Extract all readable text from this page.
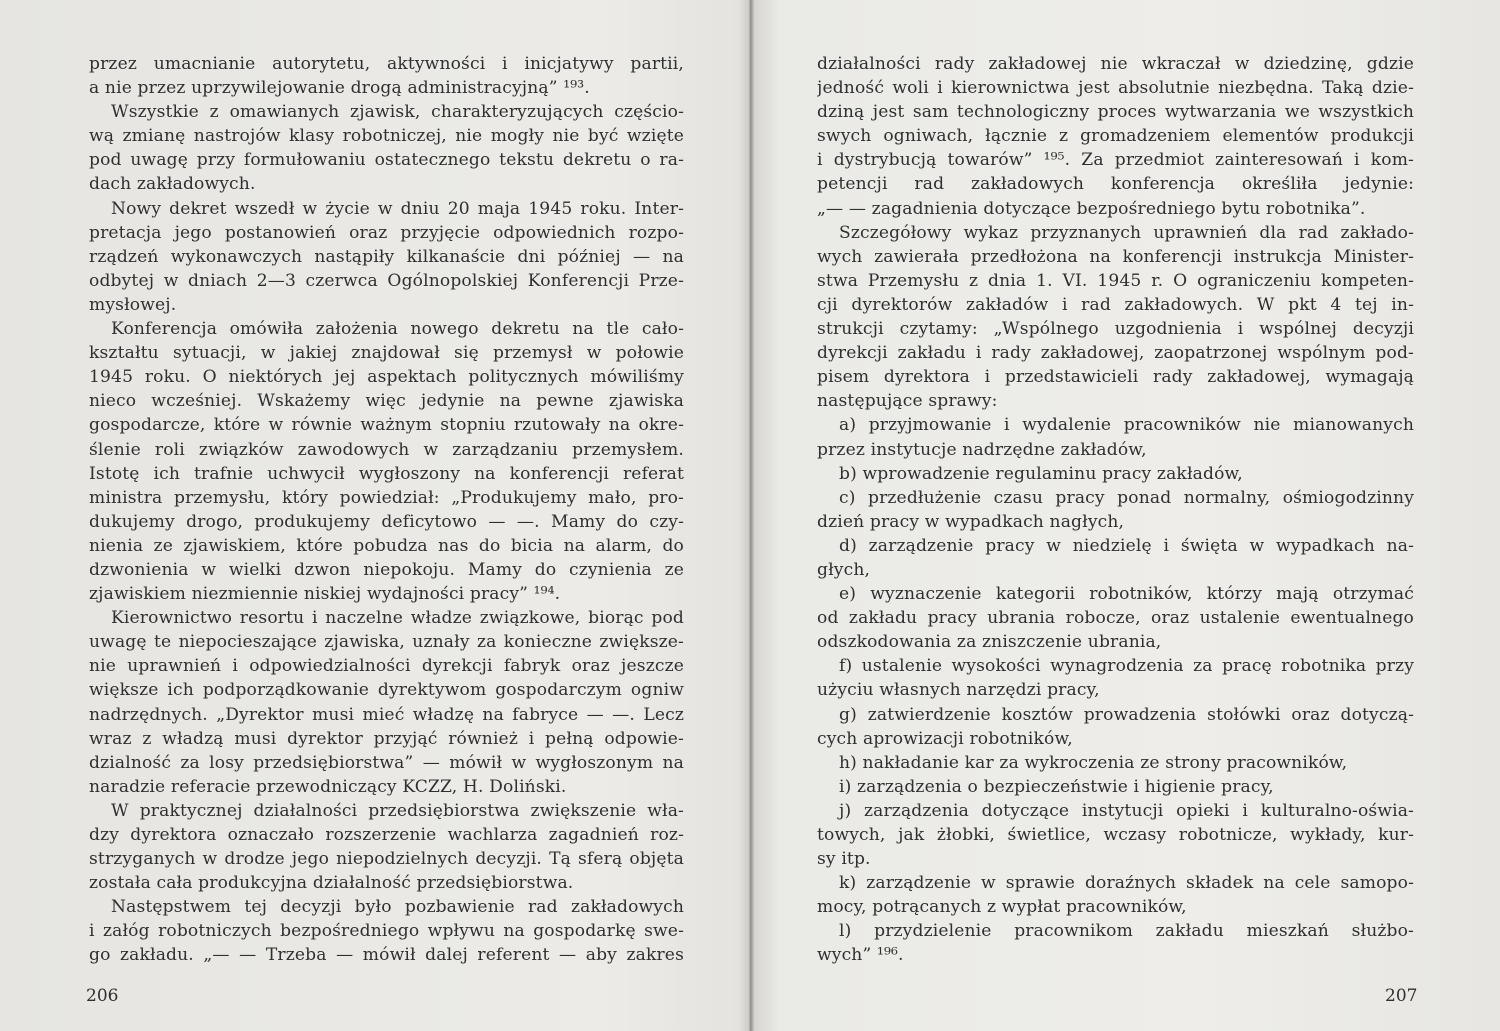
przez umacnianie autorytetu, aktywności i inicjatywy partii,
a nie przez uprzywilejowanie drogą administracyjną” ¹⁹³.
Wszystkie z omawianych zjawisk, charakteryzujących częścio-
wą zmianę nastrojów klasy robotniczej, nie mogły nie być wzięte
pod uwagę przy formułowaniu ostatecznego tekstu dekretu o ra-
dach zakładowych.
Nowy dekret wszedł w życie w dniu 20 maja 1945 roku. Inter-
pretacja jego postanowień oraz przyjęcie odpowiednich rozpo-
rządzeń wykonawczych nastąpiły kilkanaście dni później — na
odbytej w dniach 2—3 czerwca Ogólnopolskiej Konferencji Prze-
mysłowej.
Konferencja omówiła założenia nowego dekretu na tle cało-
kształtu sytuacji, w jakiej znajdował się przemysł w połowie
1945 roku. O niektórych jej aspektach politycznych mówiliśmy
nieco wcześniej. Wskażemy więc jedynie na pewne zjawiska
gospodarcze, które w równie ważnym stopniu rzutowały na okre-
ślenie roli związków zawodowych w zarządzaniu przemysłem.
Istotę ich trafnie uchwycił wygłoszony na konferencji referat
ministra przemysłu, który powiedział: „Produkujemy mało, pro-
dukujemy drogo, produkujemy deficytowo — —. Mamy do czy-
nienia ze zjawiskiem, które pobudza nas do bicia na alarm, do
dzwonienia w wielki dzwon niepokoju. Mamy do czynienia ze
zjawiskiem niezmiennie niskiej wydajności pracy” ¹⁹⁴.
Kierownictwo resortu i naczelne władze związkowe, biorąc pod
uwagę te niepocieszające zjawiska, uznały za konieczne zwiększe-
nie uprawnień i odpowiedzialności dyrekcji fabryk oraz jeszcze
większe ich podporządkowanie dyrektywom gospodarczym ogniw
nadrzędnych. „Dyrektor musi mieć władzę na fabryce — —. Lecz
wraz z władzą musi dyrektor przyjąć również i pełną odpowie-
dzialność za losy przedsiębiorstwa” — mówił w wygłoszonym na
naradzie referacie przewodniczący KCZZ, H. Doliński.
W praktycznej działalności przedsiębiorstwa zwiększenie wła-
dzy dyrektora oznaczało rozszerzenie wachlarza zagadnień roz-
strzyganych w drodze jego niepodzielnych decyzji. Tą sferą objęta
została cała produkcyjna działalność przedsiębiorstwa.
Następstwem tej decyzji było pozbawienie rad zakładowych
i załóg robotniczych bezpośredniego wpływu na gospodarkę swe-
go zakładu. „— — Trzeba — mówił dalej referent — aby zakres
206
działalności rady zakładowej nie wkraczał w dziedzinę, gdzie
jedność woli i kierownictwa jest absolutnie niezbędna. Taką dzie-
dziną jest sam technologiczny proces wytwarzania we wszystkich
swych ogniwach, łącznie z gromadzeniem elementów produkcji
i dystrybucją towarów” ¹⁹⁵. Za przedmiot zainteresowań i kom-
petencji rad zakładowych konferencja określiła jedynie:
„— — zagadnienia dotyczące bezpośredniego bytu robotnika”.
Szczegółowy wykaz przyznanych uprawnień dla rad zakłado-
wych zawierała przedłożona na konferencji instrukcja Minister-
stwa Przemysłu z dnia 1. VI. 1945 r. O ograniczeniu kompeten-
cji dyrektorów zakładów i rad zakładowych. W pkt 4 tej in-
strukcji czytamy: „Wspólnego uzgodnienia i wspólnej decyzji
dyrekcji zakładu i rady zakładowej, zaopatrzonej wspólnym pod-
pisem dyrektora i przedstawicieli rady zakładowej, wymagają
następujące sprawy:
a) przyjmowanie i wydalenie pracowników nie mianowanych
przez instytucje nadrzędne zakładów,
b) wprowadzenie regulaminu pracy zakładów,
c) przedłużenie czasu pracy ponad normalny, ośmiogodzinny
dzień pracy w wypadkach nagłych,
d) zarządzenie pracy w niedzielę i święta w wypadkach na-
głych,
e) wyznaczenie kategorii robotników, którzy mają otrzymać
od zakładu pracy ubrania robocze, oraz ustalenie ewentualnego
odszkodowania za zniszczenie ubrania,
f) ustalenie wysokości wynagrodzenia za pracę robotnika przy
użyciu własnych narzędzi pracy,
g) zatwierdzenie kosztów prowadzenia stołówki oraz dotyczą-
cych aprowizacji robotników,
h) nakładanie kar za wykroczenia ze strony pracowników,
i) zarządzenia o bezpieczeństwie i higienie pracy,
j) zarządzenia dotyczące instytucji opieki i kulturalno-oświa-
towych, jak żłobki, świetlice, wczasy robotnicze, wykłady, kur-
sy itp.
k) zarządzenie w sprawie doraźnych składek na cele samopo-
mocy, potrącanych z wypłat pracowników,
l) przydzielenie pracownikom zakładu mieszkań służbo-
wych” ¹⁹⁶.
207
